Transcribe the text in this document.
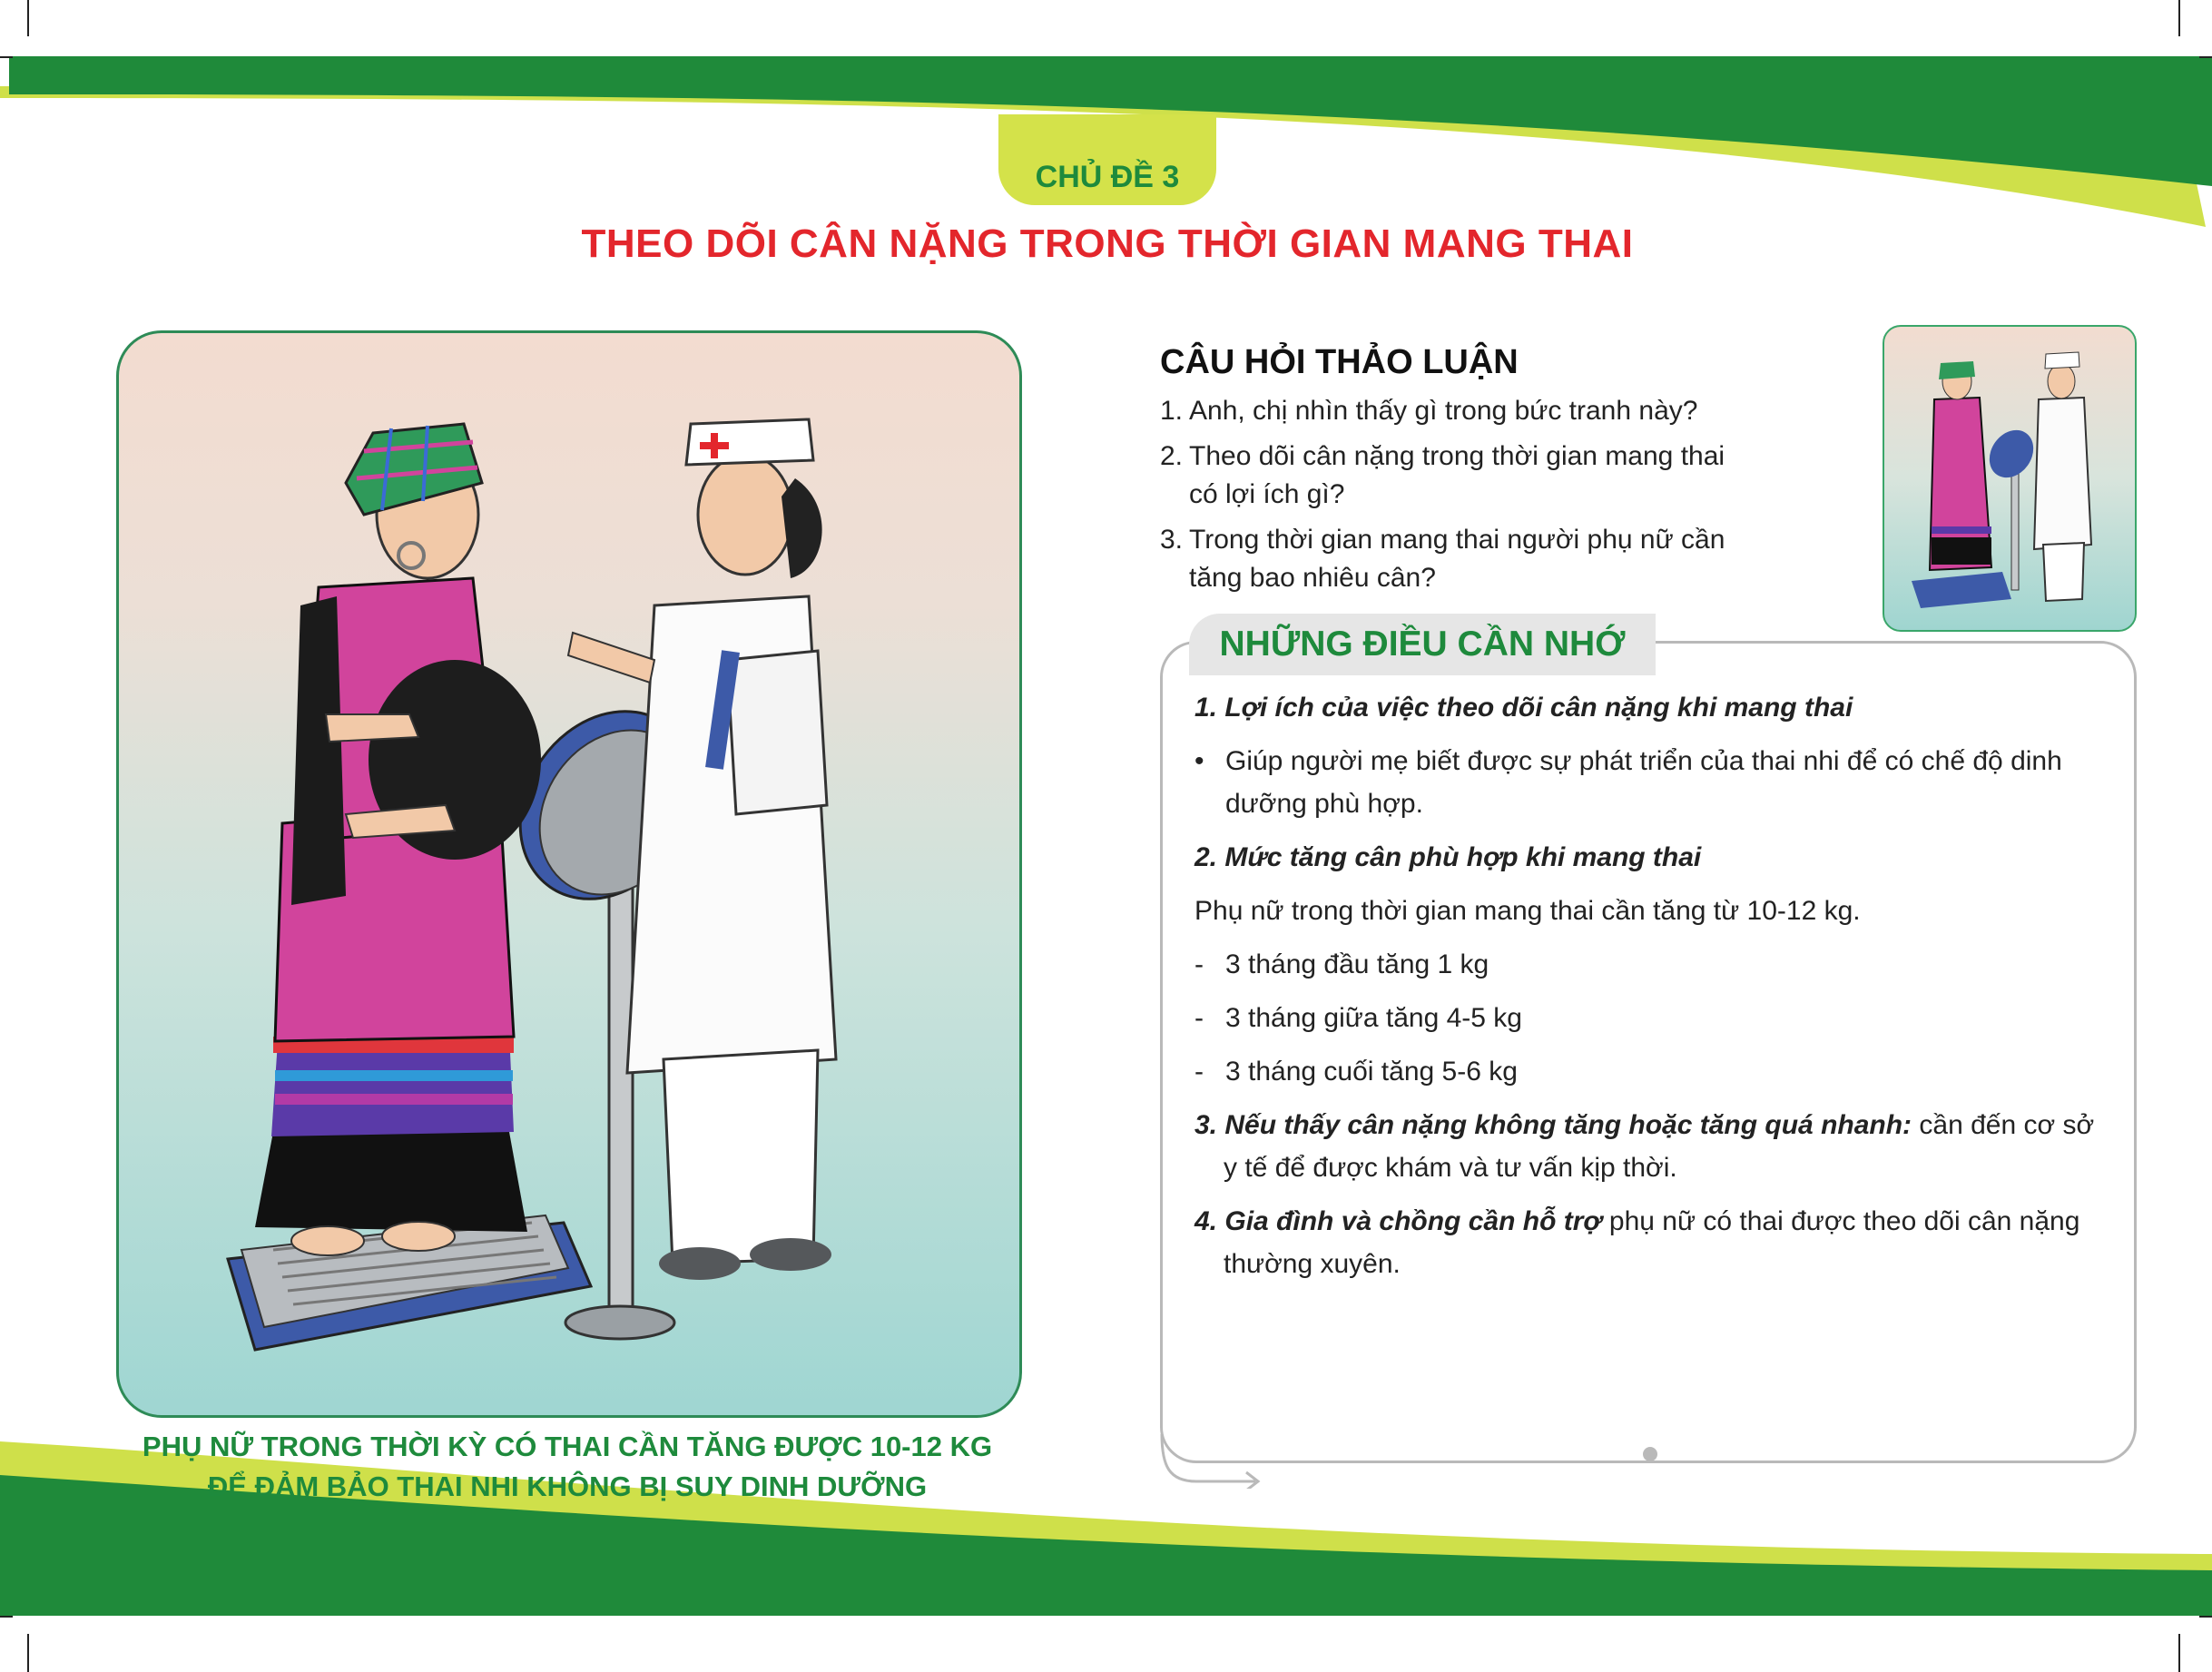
CHỦ ĐỀ 3
THEO DÕI CÂN NẶNG TRONG THỜI GIAN MANG THAI
PHỤ NỮ TRONG THỜI KỲ CÓ THAI CẦN TĂNG ĐƯỢC 10-12 KG
ĐỂ ĐẢM BẢO THAI NHI KHÔNG BỊ SUY DINH DƯỠNG
CÂU HỎI THẢO LUẬN
1. Anh, chị nhìn thấy gì trong bức tranh này?
2. Theo dõi cân nặng trong thời gian mang thai có lợi ích gì?
3. Trong thời gian mang thai người phụ nữ cần tăng bao nhiêu cân?
NHỮNG ĐIỀU CẦN NHỚ

1. Lợi ích của việc theo dõi cân nặng khi mang thai

• Giúp người mẹ biết được sự phát triển của thai nhi để có chế độ dinh dưỡng phù hợp.

2. Mức tăng cân phù hợp khi mang thai

Phụ nữ trong thời gian mang thai cần tăng từ 10-12 kg.

- 3 tháng đầu tăng 1 kg

- 3 tháng giữa tăng 4-5 kg

- 3 tháng cuối tăng 5-6 kg

3. Nếu thấy cân nặng không tăng hoặc tăng quá nhanh: cần đến cơ sở y tế để được khám và tư vấn kịp thời.

4. Gia đình và chồng cần hỗ trợ phụ nữ có thai được theo dõi cân nặng thường xuyên.
